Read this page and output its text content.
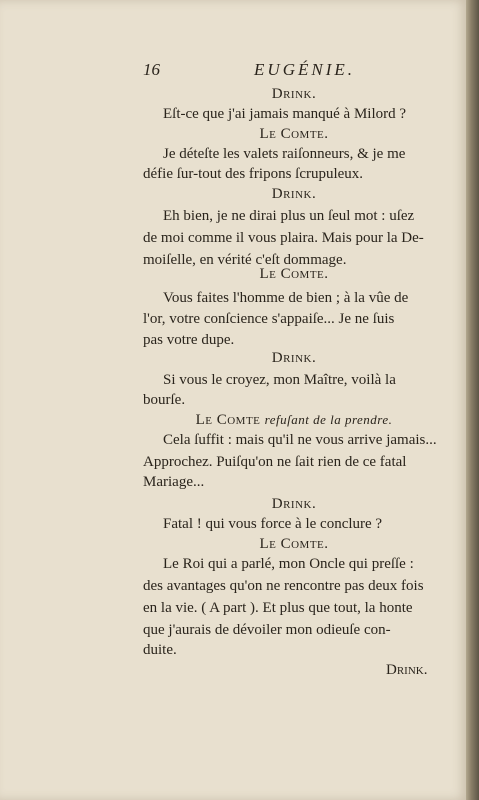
16	EUGÉNIE.
Drink.
Eſt-ce que j'ai jamais manqué à Milord ?
Le Comte.
Je déteſte les valets raiſonneurs, & je me
défie ſur-tout des fripons ſcrupuleux.
Drink.
Eh bien, je ne dirai plus un ſeul mot : uſez
de moi comme il vous plaira. Mais pour la De-
moiſelle, en vérité c'eſt dommage.
Le Comte.
Vous faites l'homme de bien ; à la vûe de
l'or, votre conſcience s'appaiſe... Je ne ſuis
pas votre dupe.
Drink.
Si vous le croyez, mon Maître, voilà la
bourſe.
Le Comte refuſant de la prendre.
Cela ſuffit : mais qu'il ne vous arrive jamais...
Approchez. Puiſqu'on ne ſait rien de ce fatal
Mariage...
Drink.
Fatal ! qui vous force à le conclure ?
Le Comte.
Le Roi qui a parlé, mon Oncle qui preſſe :
des avantages qu'on ne rencontre pas deux fois
en la vie. ( A part ). Et plus que tout, la honte
que j'aurais de dévoiler mon odieuſe con-
duite.
Drink.
